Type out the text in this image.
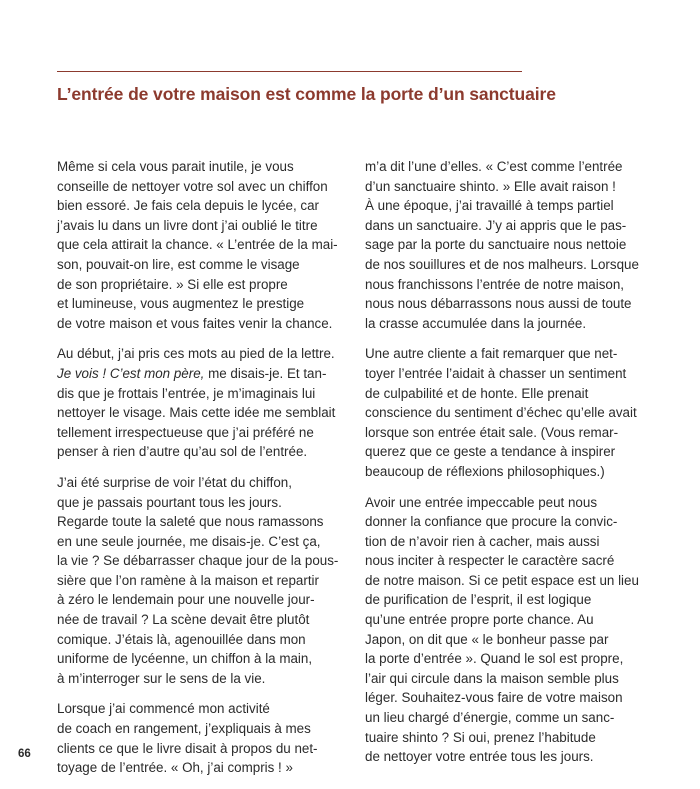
L’entrée de votre maison est comme la porte d’un sanctuaire

Même si cela vous parait inutile, je vous
conseille de nettoyer votre sol avec un chiffon
bien essoré. Je fais cela depuis le lycée, car
j’avais lu dans un livre dont j’ai oublié le titre
que cela attirait la chance. « L’entrée de la mai-
son, pouvait-on lire, est comme le visage
de son propriétaire. » Si elle est propre
et lumineuse, vous augmentez le prestige
de votre maison et vous faites venir la chance.

Au début, j’ai pris ces mots au pied de la lettre.
Je vois ! C’est mon père, me disais-je. Et tan-
dis que je frottais l’entrée, je m’imaginais lui
nettoyer le visage. Mais cette idée me semblait
tellement irrespectueuse que j’ai préféré ne
penser à rien d’autre qu’au sol de l’entrée.

J’ai été surprise de voir l’état du chiffon,
que je passais pourtant tous les jours.
Regarde toute la saleté que nous ramassons
en une seule journée, me disais-je. C’est ça,
la vie ? Se débarrasser chaque jour de la pous-
sière que l’on ramène à la maison et repartir
à zéro le lendemain pour une nouvelle jour-
née de travail ? La scène devait être plutôt
comique. J’étais là, agenouillée dans mon
uniforme de lycéenne, un chiffon à la main,
à m’interroger sur le sens de la vie.

Lorsque j’ai commencé mon activité
de coach en rangement, j’expliquais à mes
clients ce que le livre disait à propos du net-
toyage de l’entrée. « Oh, j’ai compris ! »

m’a dit l’une d’elles. « C’est comme l’entrée
d’un sanctuaire shinto. » Elle avait raison !
À une époque, j’ai travaillé à temps partiel
dans un sanctuaire. J’y ai appris que le pas-
sage par la porte du sanctuaire nous nettoie
de nos souillures et de nos malheurs. Lorsque
nous franchissons l’entrée de notre maison,
nous nous débarrassons nous aussi de toute
la crasse accumulée dans la journée.

Une autre cliente a fait remarquer que net-
toyer l’entrée l’aidait à chasser un sentiment
de culpabilité et de honte. Elle prenait
conscience du sentiment d’échec qu’elle avait
lorsque son entrée était sale. (Vous remar-
querez que ce geste a tendance à inspirer
beaucoup de réflexions philosophiques.)

Avoir une entrée impeccable peut nous
donner la confiance que procure la convic-
tion de n’avoir rien à cacher, mais aussi
nous inciter à respecter le caractère sacré
de notre maison. Si ce petit espace est un lieu
de purification de l’esprit, il est logique
qu’une entrée propre porte chance. Au
Japon, on dit que « le bonheur passe par
la porte d’entrée ». Quand le sol est propre,
l’air qui circule dans la maison semble plus
léger. Souhaitez-vous faire de votre maison
un lieu chargé d’énergie, comme un sanc-
tuaire shinto ? Si oui, prenez l’habitude
de nettoyer votre entrée tous les jours.

66
